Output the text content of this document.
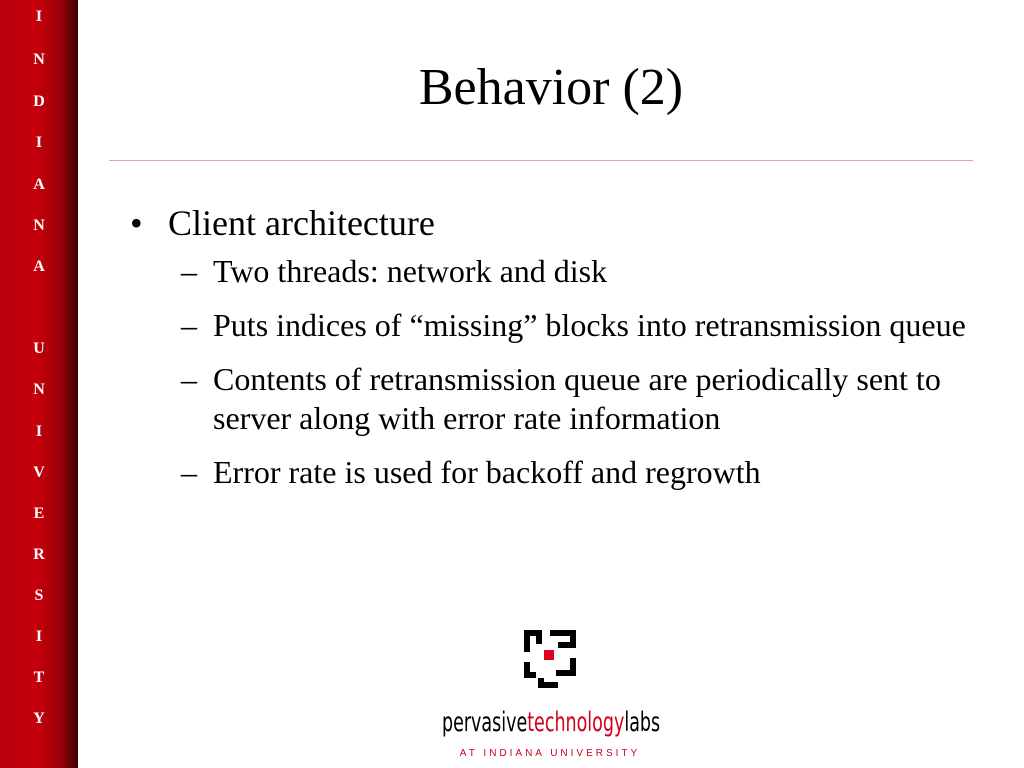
I
N
D
I
A
N
A
U
N
I
V
E
R
S
I
T
Y
Behavior (2)
• Client architecture
– Two threads: network and disk
– Puts indices of “missing” blocks into retransmission queue
– Contents of retransmission queue are periodically sent to server along with error rate information
– Error rate is used for backoff and regrowth
pervasivetechnologylabs
AT INDIANA UNIVERSITY
